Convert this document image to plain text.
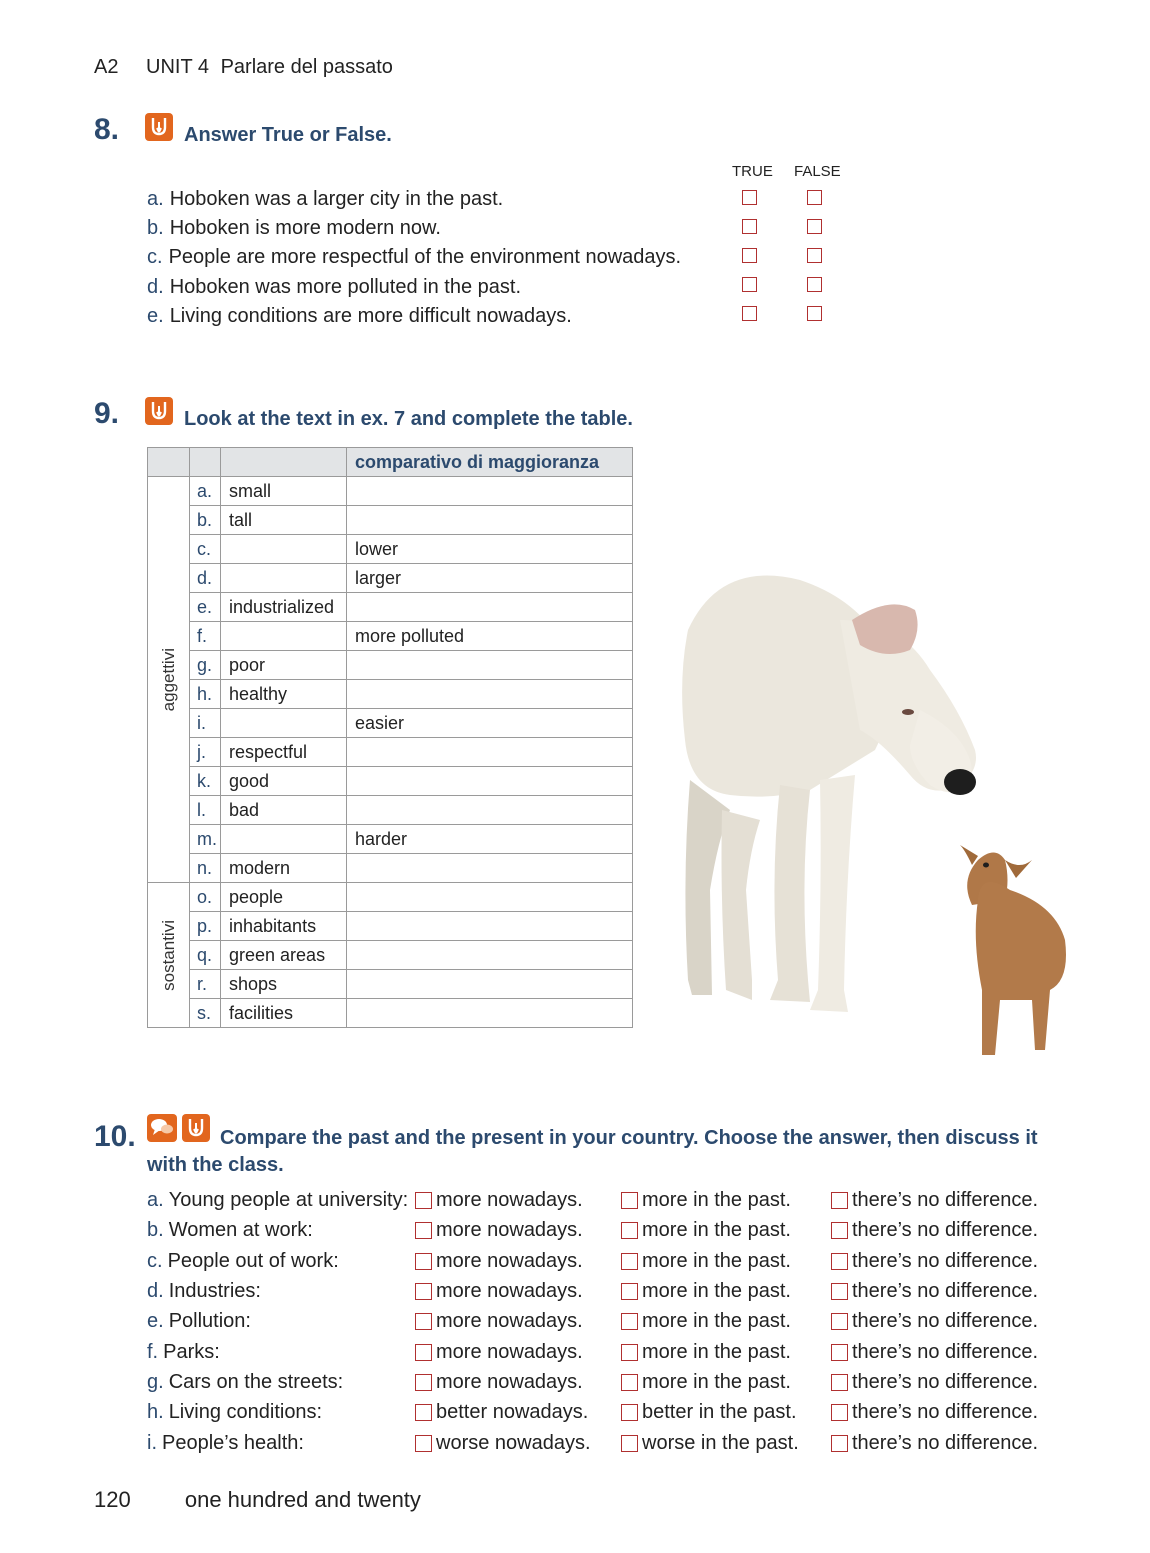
A2 UNIT 4 Parlare del passato
8.	Answer True or False.
TRUE FALSE
a. Hoboken was a larger city in the past.
b. Hoboken is more modern now.
c. People are more respectful of the environment nowadays.
d. Hoboken was more polluted in the past.
e. Living conditions are more difficult nowadays.
9.	Look at the text in ex. 7 and complete the table.
			comparativo di maggioranza

aggettivi	a.	small	
	b.	tall	
	c.		lower
	d.		larger
	e.	industrialized	
	f.		more polluted
	g.	poor	
	h.	healthy	
	i.		easier
	j.	respectful	
	k.	good	
	l.	bad	
	m.		harder
	n.	modern	

sostantivi	o.	people	
	p.	inhabitants	
	q.	green areas	
	r.	shops	
	s.	facilities	
10.	Compare the past and the present in your country. Choose the answer, then discuss it
with the class.
a. Young people at university: more nowadays.	more in the past.	there’s no difference.
b. Women at work:	more nowadays.	more in the past.	there’s no difference.
c. People out of work:	more nowadays.	more in the past.	there’s no difference.
d. Industries:	more nowadays.	more in the past.	there’s no difference.
e. Pollution:	more nowadays.	more in the past.	there’s no difference.
f. Parks:	more nowadays.	more in the past.	there’s no difference.
g. Cars on the streets:	more nowadays.	more in the past.	there’s no difference.
h. Living conditions:	better nowadays.	better in the past.	there’s no difference.
i. People’s health:	worse nowadays.	worse in the past.	there’s no difference.
120 one hundred and twenty
